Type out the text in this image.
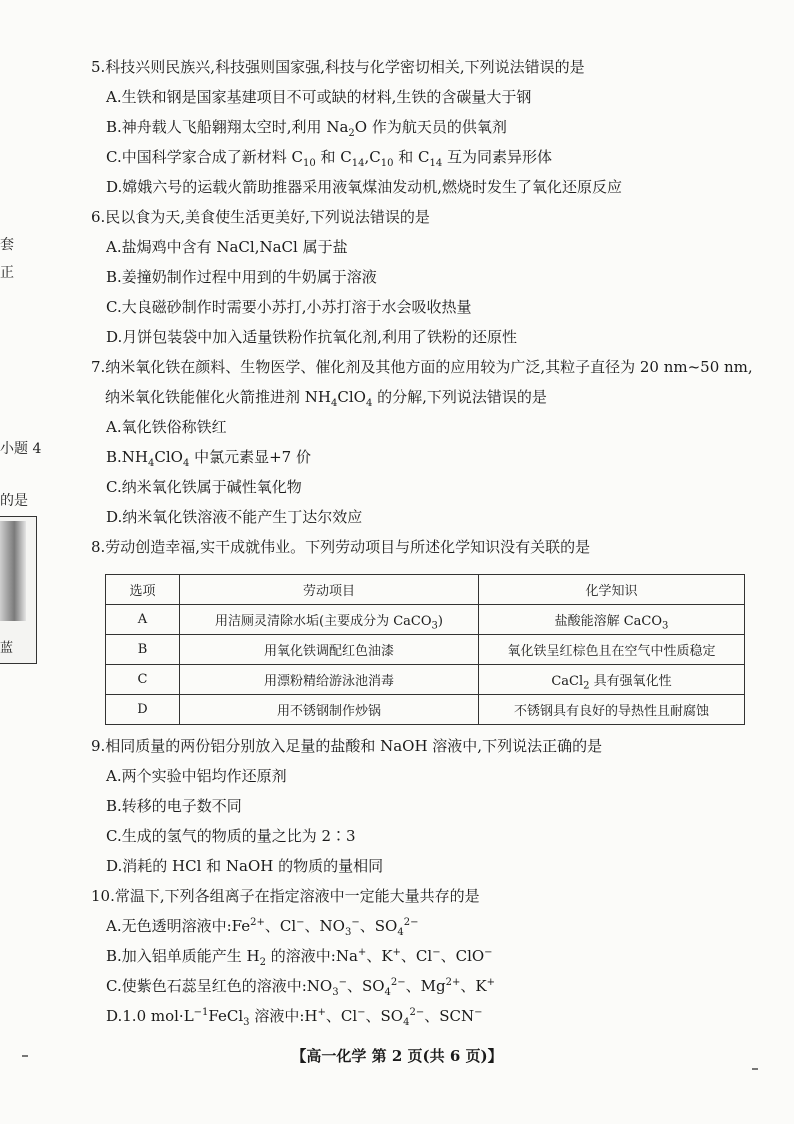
套
正
小题 4
的是
蓝

5.科技兴则民族兴,科技强则国家强,科技与化学密切相关,下列说法错误的是

A.生铁和钢是国家基建项目不可或缺的材料,生铁的含碳量大于钢

B.神舟载人飞船翱翔太空时,利用 $Na_2O$ 作为航天员的供氧剂

C.中国科学家合成了新材料 $C_{10}$ 和 $C_{14},C_{10}$ 和 $C_{14}$ 互为同素异形体

D.嫦娥六号的运载火箭助推器采用液氧煤油发动机,燃烧时发生了氧化还原反应

6.民以食为天,美食使生活更美好,下列说法错误的是

A.盐焗鸡中含有 NaCl,NaCl 属于盐

B.姜撞奶制作过程中用到的牛奶属于溶液

C.大良磁砂制作时需要小苏打,小苏打溶于水会吸收热量

D.月饼包装袋中加入适量铁粉作抗氧化剂,利用了铁粉的还原性

7.纳米氧化铁在颜料、生物医学、催化剂及其他方面的应用较为广泛,其粒子直径为 20 nm~50 nm,

纳米氧化铁能催化火箭推进剂 $NH_4ClO_4$ 的分解,下列说法错误的是

A.氧化铁俗称铁红

$B.NH_4ClO_4$ 中氯元素显+7 价

C.纳米氧化铁属于碱性氧化物

D.纳米氧化铁溶液不能产生丁达尔效应

8.劳动创造幸福,实干成就伟业。下列劳动项目与所述化学知识没有关联的是

选项	劳动项目	化学知识
A	用洁厕灵清除水垢(主要成分为 CaCO$_3$)	盐酸能溶解 CaCO$_3$
B	用氧化铁调配红色油漆	氧化铁呈红棕色且在空气中性质稳定
C	用漂粉精给游泳池消毒	CaCl$_2$ 具有强氧化性
D	用不锈钢制作炒锅	不锈钢具有良好的导热性且耐腐蚀

9.相同质量的两份铝分别放入足量的盐酸和 NaOH 溶液中,下列说法正确的是

A.两个实验中铝均作还原剂

B.转移的电子数不同

C.生成的氢气的物质的量之比为 2∶3

D.消耗的 HCl 和 NaOH 的物质的量相同

10.常温下,下列各组离子在指定溶液中一定能大量共存的是

A.无色透明溶液中$:Fe^{2+}$、Cl−、$NO_3^-$、$SO_4^{2-}$

B.加入铝单质能产生 $H_2$ 的溶液中:Na+、K+、Cl−、ClO−

C.使紫色石蕊呈红色的溶液中$:NO_3^-$、$SO_4^{2-}$、$Mg^{2+}$、K+

D.1.0 $mol\cdot L^{-1}FeCl_3$ 溶液中:H+、Cl−、$SO_4^{2-}$、SCN−

【高一化学 第 2 页(共 6 页)】
